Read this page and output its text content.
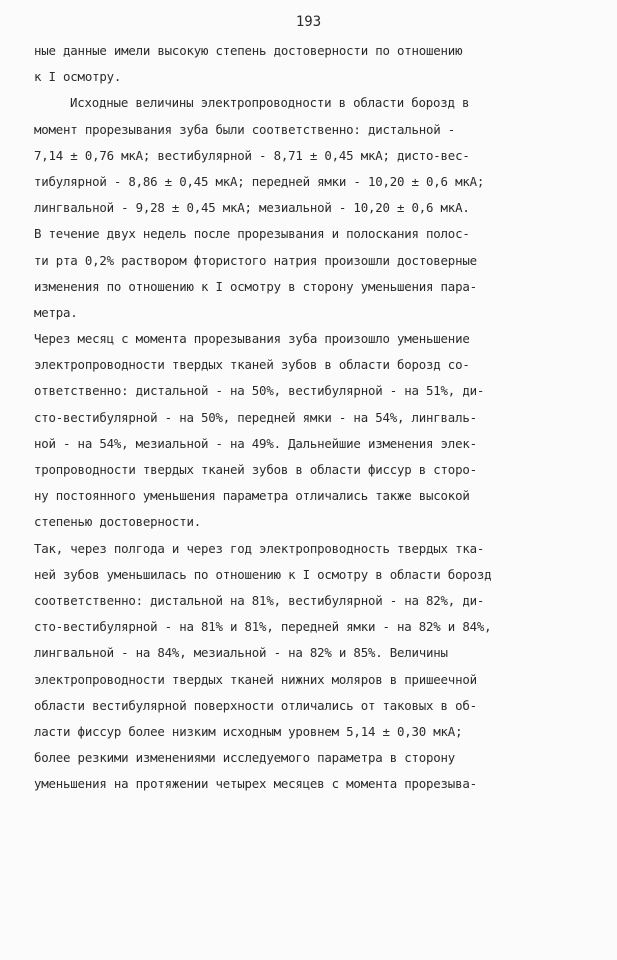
193
ные данные имели высокую степень достоверности по отношению
к I осмотру.
Исходные величины электропроводности в области борозд в
момент прорезывания зуба были соответственно: дистальной -
7,14 ± 0,76 мкА; вестибулярной - 8,71 ± 0,45 мкА; дисто-вес-
тибулярной - 8,86 ± 0,45 мкА; передней ямки - 10,20 ± 0,6 мкА;
лингвальной - 9,28 ± 0,45 мкА; мезиальной - 10,20 ± 0,6 мкА.
В течение двух недель после прорезывания и полоскания полос-
ти рта 0,2% раствором фтористого натрия произошли достоверные
изменения по отношению к I осмотру в сторону уменьшения пара-
метра.
Через месяц с момента прорезывания зуба произошло уменьшение
электропроводности твердых тканей зубов в области борозд со-
ответственно: дистальной - на 50%, вестибулярной - на 51%, ди-
сто-вестибулярной - на 50%, передней ямки - на 54%, лингваль-
ной - на 54%, мезиальной - на 49%. Дальнейшие изменения элек-
тропроводности твердых тканей зубов в области фиссур в сторо-
ну постоянного уменьшения параметра отличались также высокой
степенью достоверности.
Так, через полгода и через год электропроводность твердых тка-
ней зубов уменьшилась по отношению к I осмотру в области борозд
соответственно: дистальной на 81%, вестибулярной - на 82%, ди-
сто-вестибулярной - на 81% и 81%, передней ямки - на 82% и 84%,
лингвальной - на 84%, мезиальной - на 82% и 85%. Величины
электропроводности твердых тканей нижних моляров в пришеечной
области вестибулярной поверхности отличались от таковых в об-
ласти фиссур более низким исходным уровнем 5,14 ± 0,30 мкА;
более резкими изменениями исследуемого параметра в сторону
уменьшения на протяжении четырех месяцев с момента прорезыва-
